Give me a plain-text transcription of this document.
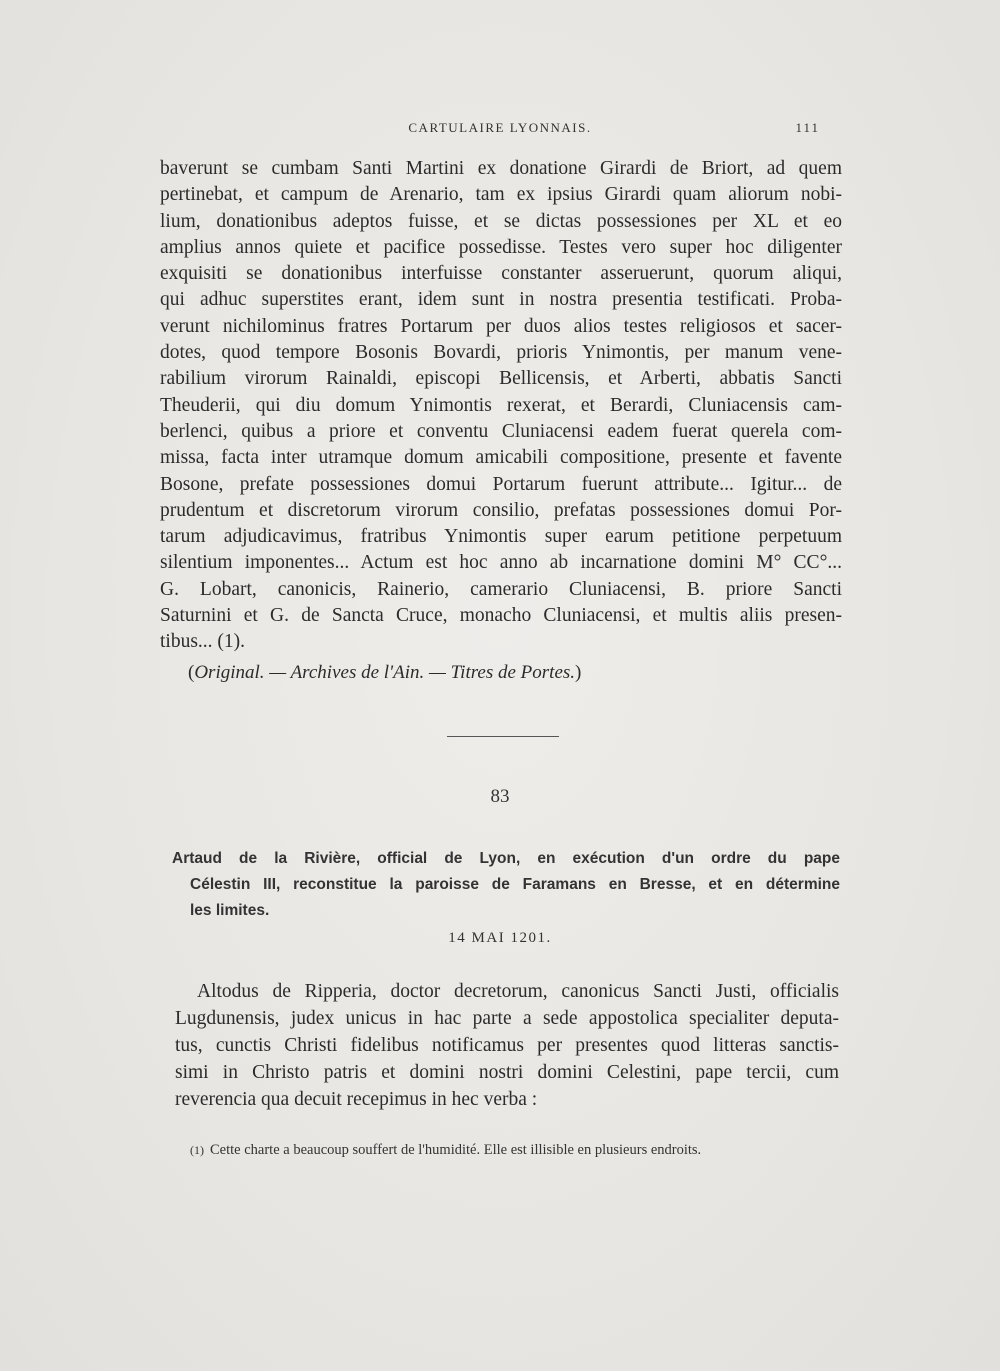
CARTULAIRE LYONNAIS.	111
baverunt se cumbam Santi Martini ex donatione Girardi de Briort, ad quem
pertinebat, et campum de Arenario, tam ex ipsius Girardi quam aliorum nobi-
lium, donationibus adeptos fuisse, et se dictas possessiones per XL et eo
amplius annos quiete et pacifice possedisse. Testes vero super hoc diligenter
exquisiti se donationibus interfuisse constanter asseruerunt, quorum aliqui,
qui adhuc superstites erant, idem sunt in nostra presentia testificati. Proba-
verunt nichilominus fratres Portarum per duos alios testes religiosos et sacer-
dotes, quod tempore Bosonis Bovardi, prioris Ynimontis, per manum vene-
rabilium virorum Rainaldi, episcopi Bellicensis, et Arberti, abbatis Sancti
Theuderii, qui diu domum Ynimontis rexerat, et Berardi, Cluniacensis cam-
berlenci, quibus a priore et conventu Cluniacensi eadem fuerat querela com-
missa, facta inter utramque domum amicabili compositione, presente et favente
Bosone, prefate possessiones domui Portarum fuerunt attribute... Igitur... de
prudentum et discretorum virorum consilio, prefatas possessiones domui Por-
tarum adjudicavimus, fratribus Ynimontis super earum petitione perpetuum
silentium imponentes... Actum est hoc anno ab incarnatione domini M° CC°...
G. Lobart, canonicis, Rainerio, camerario Cluniacensi, B. priore Sancti
Saturnini et G. de Sancta Cruce, monacho Cluniacensi, et multis aliis presen-
tibus... (1).
(Original. — Archives de l'Ain. — Titres de Portes.)
83
Artaud de la Rivière, official de Lyon, en exécution d'un ordre du pape
Célestin III, reconstitue la paroisse de Faramans en Bresse, et en détermine
les limites.
14 MAI 1201.
Altodus de Ripperia, doctor decretorum, canonicus Sancti Justi, officialis
Lugdunensis, judex unicus in hac parte a sede appostolica specialiter deputa-
tus, cunctis Christi fidelibus notificamus per presentes quod litteras sanctis-
simi in Christo patris et domini nostri domini Celestini, pape tercii, cum
reverencia qua decuit recepimus in hec verba :
(1) Cette charte a beaucoup souffert de l'humidité. Elle est illisible en plusieurs endroits.
